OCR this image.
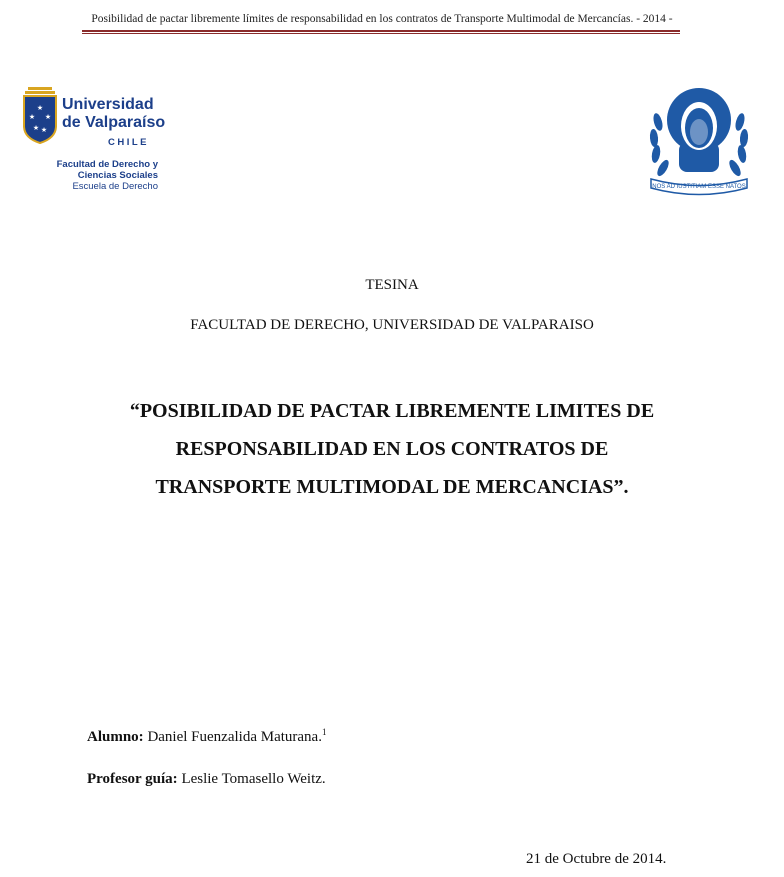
Posibilidad de pactar libremente límites de responsabilidad en los contratos de Transporte Multimodal de Mercancías. - 2014 -
★
★ ★
★ ★
Universidad
de Valparaíso
CHILE
Facultad de Derecho y
Ciencias Sociales
Escuela de Derecho	NOS AD IUSTITIAM ESSE NATOS
TESINA
FACULTAD DE DERECHO, UNIVERSIDAD DE VALPARAISO
“POSIBILIDAD DE PACTAR LIBREMENTE LIMITES DE
RESPONSABILIDAD EN LOS CONTRATOS DE
TRANSPORTE MULTIMODAL DE MERCANCIAS”.
Alumno: Daniel Fuenzalida Maturana.$^1$
Profesor guía: Leslie Tomasello Weitz.
21 de Octubre de 2014.
